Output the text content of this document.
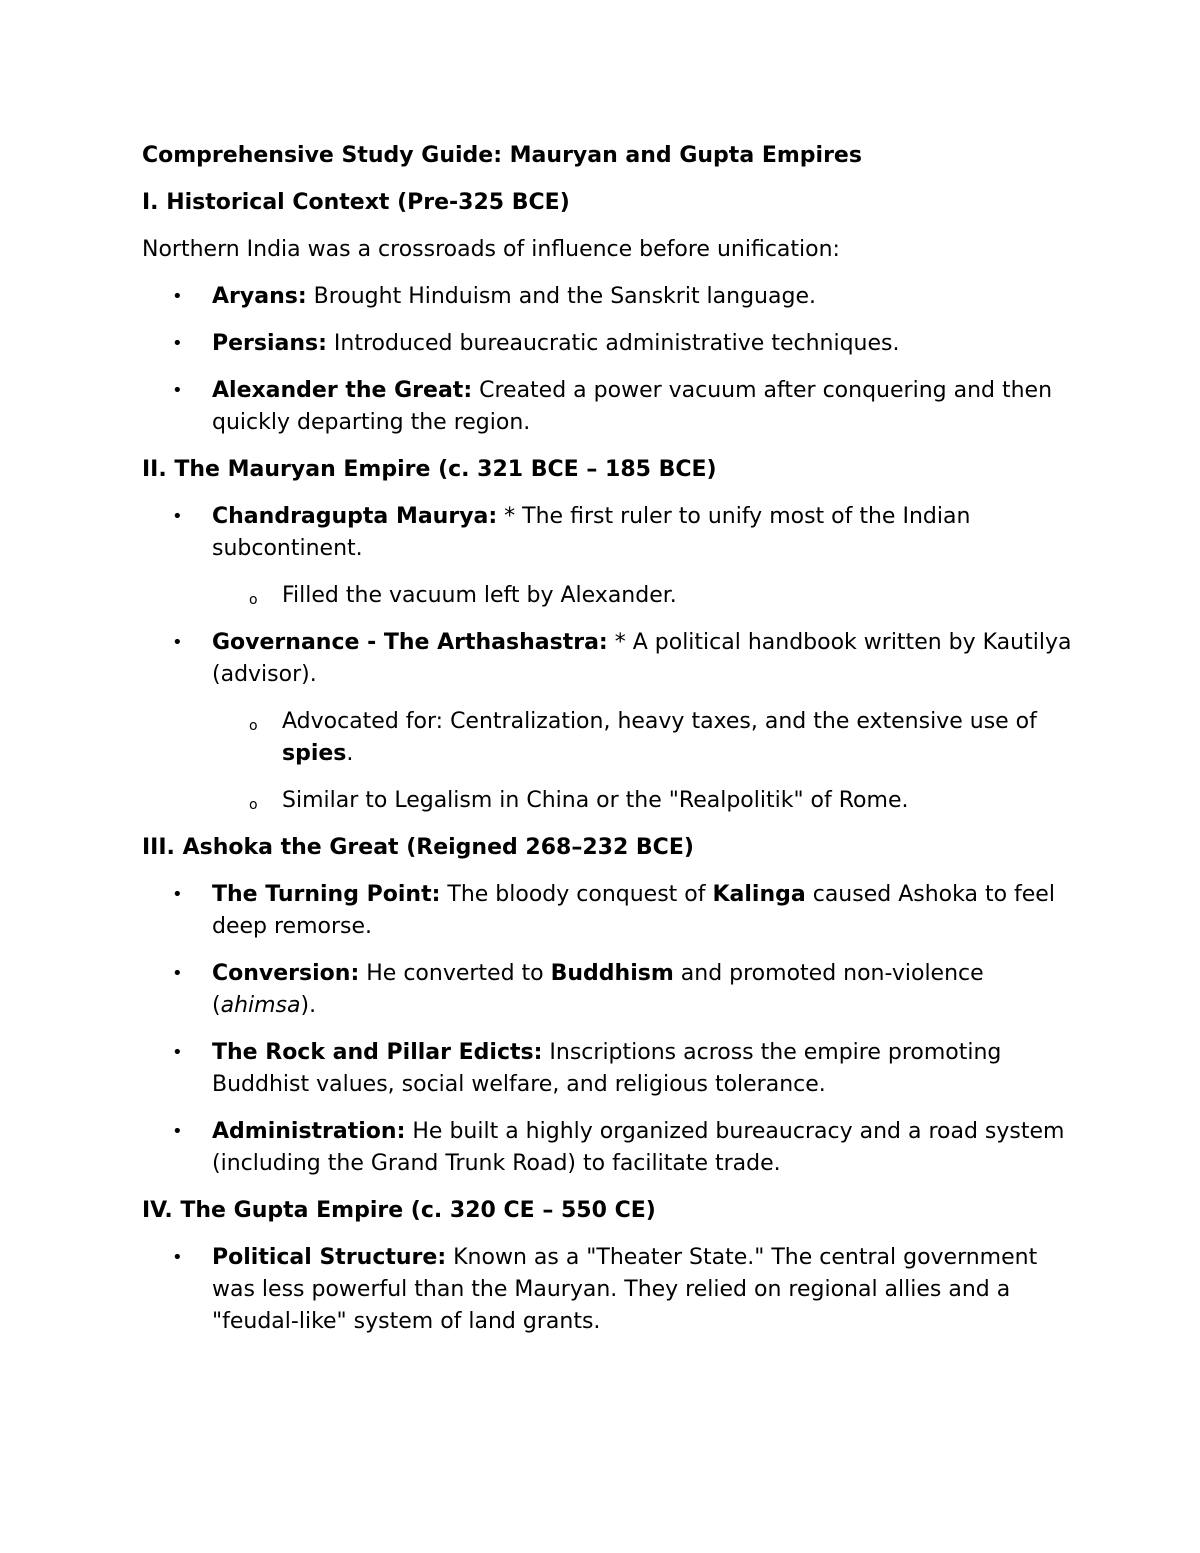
Comprehensive Study Guide: Mauryan and Gupta Empires

I. Historical Context (Pre-325 BCE)

Northern India was a crossroads of influence before unification:

• Aryans: Brought Hinduism and the Sanskrit language.
• Persians: Introduced bureaucratic administrative techniques.
• Alexander the Great: Created a power vacuum after conquering and then quickly departing the region.

II. The Mauryan Empire (c. 321 BCE – 185 BCE)

• Chandragupta Maurya: * The first ruler to unify most of the Indian subcontinent.
o Filled the vacuum left by Alexander.
• Governance - The Arthashastra: * A political handbook written by Kautilya (advisor).
o Advocated for: Centralization, heavy taxes, and the extensive use of spies.
o Similar to Legalism in China or the "Realpolitik" of Rome.

III. Ashoka the Great (Reigned 268–232 BCE)

• The Turning Point: The bloody conquest of Kalinga caused Ashoka to feel deep remorse.
• Conversion: He converted to Buddhism and promoted non-violence (ahimsa).
• The Rock and Pillar Edicts: Inscriptions across the empire promoting Buddhist values, social welfare, and religious tolerance.
• Administration: He built a highly organized bureaucracy and a road system (including the Grand Trunk Road) to facilitate trade.

IV. The Gupta Empire (c. 320 CE – 550 CE)

• Political Structure: Known as a "Theater State." The central government was less powerful than the Mauryan. They relied on regional allies and a "feudal-like" system of land grants.
